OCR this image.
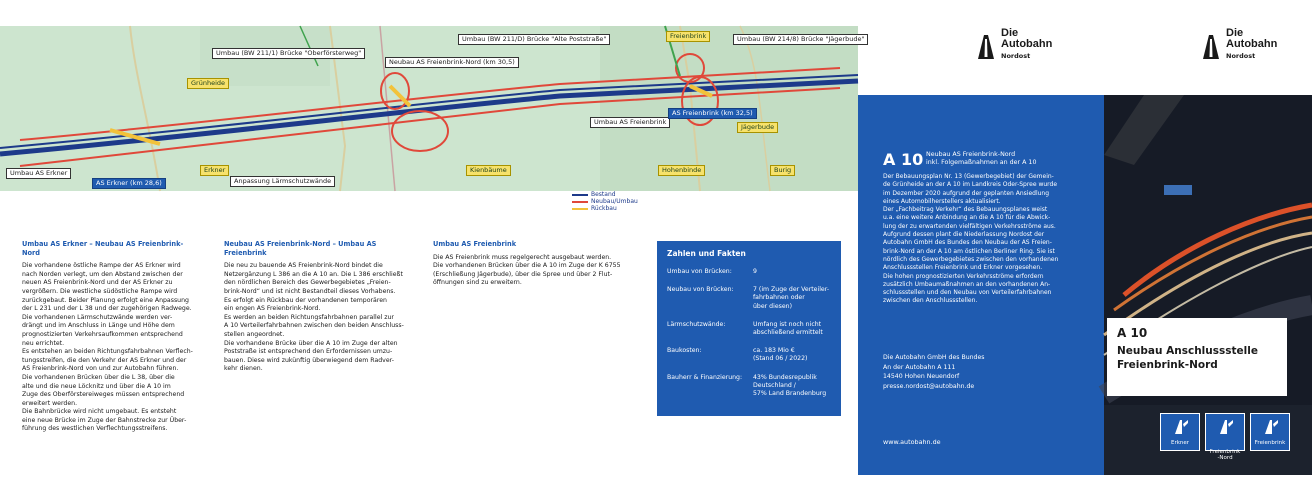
Umbau (BW 211/1) Brücke "Oberförsterweg"
Umbau (BW 211/D) Brücke "Alte Poststraße"	Umbau (BW 214/8) Brücke "Jägerbude"
Neubau AS Freienbrink-Nord (km 30,5)
Grünheide
Freienbrink
Umbau AS Freienbrink
AS Freienbrink (km 32,5)
Jägerbude
Umbau AS Erkner
AS Erkner (km 28,6)
Erkner
Anpassung Lärmschutzwände
Kienbäume	Hohenbinde	Burig
Bestand
Neubau/Umbau
Rückbau
Umbau AS Erkner – Neubau AS Freienbrink-Nord

Die vorhandene östliche Rampe der AS Erkner wird
nach Norden verlegt, um den Abstand zwischen der
neuen AS Freienbrink-Nord und der AS Erkner zu
vergrößern. Die westliche südöstliche Rampe wird
zurückgebaut. Beider Planung erfolgt eine Anpassung
der L 231 und der L 38 und der zugehörigen Radwege.
Die vorhandenen Lärmschutzwände werden ver-
drängt und im Anschluss in Länge und Höhe dem
prognostizierten Verkehrsaufkommen entsprechend
neu errichtet.
Es entstehen an beiden Richtungsfahrbahnen Verflech-
tungsstreifen, die den Verkehr der AS Erkner und der
AS Freienbrink-Nord von und zur Autobahn führen.
Die vorhandenen Brücken über die L 38, über die
alte und die neue Löcknitz und über die A 10 im
Zuge des Oberförstereiweges müssen entsprechend
erweitert werden.
Die Bahnbrücke wird nicht umgebaut. Es entsteht
eine neue Brücke im Zuge der Bahnstrecke zur Über-
führung des westlichen Verflechtungsstreifens.

Neubau AS Freienbrink-Nord – Umbau AS Freienbrink

Die neu zu bauende AS Freienbrink-Nord bindet die
Netzergänzung L 386 an die A 10 an. Die L 386 erschließt
den nördlichen Bereich des Gewerbegebietes „Freien-
brink-Nord“ und ist nicht Bestandteil dieses Vorhabens.
Es erfolgt ein Rückbau der vorhandenen temporären
ein engen AS Freienbrink-Nord.
Es werden an beiden Richtungsfahrbahnen parallel zur
A 10 Verteilerfahrbahnen zwischen den beiden Anschluss-
stellen angeordnet.
Die vorhandene Brücke über die A 10 im Zuge der alten
Poststraße ist entsprechend den Erfordernissen umzu-
bauen. Diese wird zukünftig überwiegend dem Radver-
kehr dienen.

Umbau AS Freienbrink

Die AS Freienbrink muss regelgerecht ausgebaut werden.
Die vorhandenen Brücken über die A 10 im Zuge der K 6755
(Erschließung Jägerbude), über die Spree und über 2 Flut-
öffnungen sind zu erweitern.

Zahlen und Fakten
Umbau von Brücken:	9
Neubau von Brücken:	7 (im Zuge der Verteiler-
fahrbahnen oder
über diesen)
Lärmschutzwände:	Umfang ist noch nicht
abschließend ermittelt
Baukosten:	ca. 183 Mio €
(Stand 06 / 2022)
Bauherr & Finanzierung:	43% Bundesrepublik
Deutschland /
57% Land Brandenburg
Die
Autobahn
Nordost
Die
Autobahn
Nordost
A 10 Neubau AS Freienbrink-Nord
inkl. Folgemaßnahmen an der A 10

Der Bebauungsplan Nr. 13 (Gewerbegebiet) der Gemein-
de Grünheide an der A 10 im Landkreis Oder-Spree wurde
im Dezember 2020 aufgrund der geplanten Ansiedlung
eines Automobilherstellers aktualisiert.
Der „Fachbeitrag Verkehr“ des Bebauungsplanes weist
u.a. eine weitere Anbindung an die A 10 für die Abwick-
lung der zu erwartenden vielfältigen Verkehrsströme aus.
Aufgrund dessen plant die Niederlassung Nordost der
Autobahn GmbH des Bundes den Neubau der AS Freien-
brink-Nord an der A 10 am östlichen Berliner Ring. Sie ist
nördlich des Gewerbegebietes zwischen den vorhandenen
Anschlussstellen Freienbrink und Erkner vorgesehen.
Die hohen prognostizierten Verkehrsströme erfordern
zusätzlich Umbaumaßnahmen an den vorhandenen An-
schlussstellen und den Neubau von Verteilerfahrbahnen
zwischen den Anschlussstellen.

Die Autobahn GmbH des Bundes
An der Autobahn A 111
14540 Hohen Neuendorf
presse.nordost@autobahn.de

www.autobahn.de
A 10
Neubau Anschlussstelle
Freienbrink-Nord
Erkner

Freienbrink
-Nord

Freienbrink
